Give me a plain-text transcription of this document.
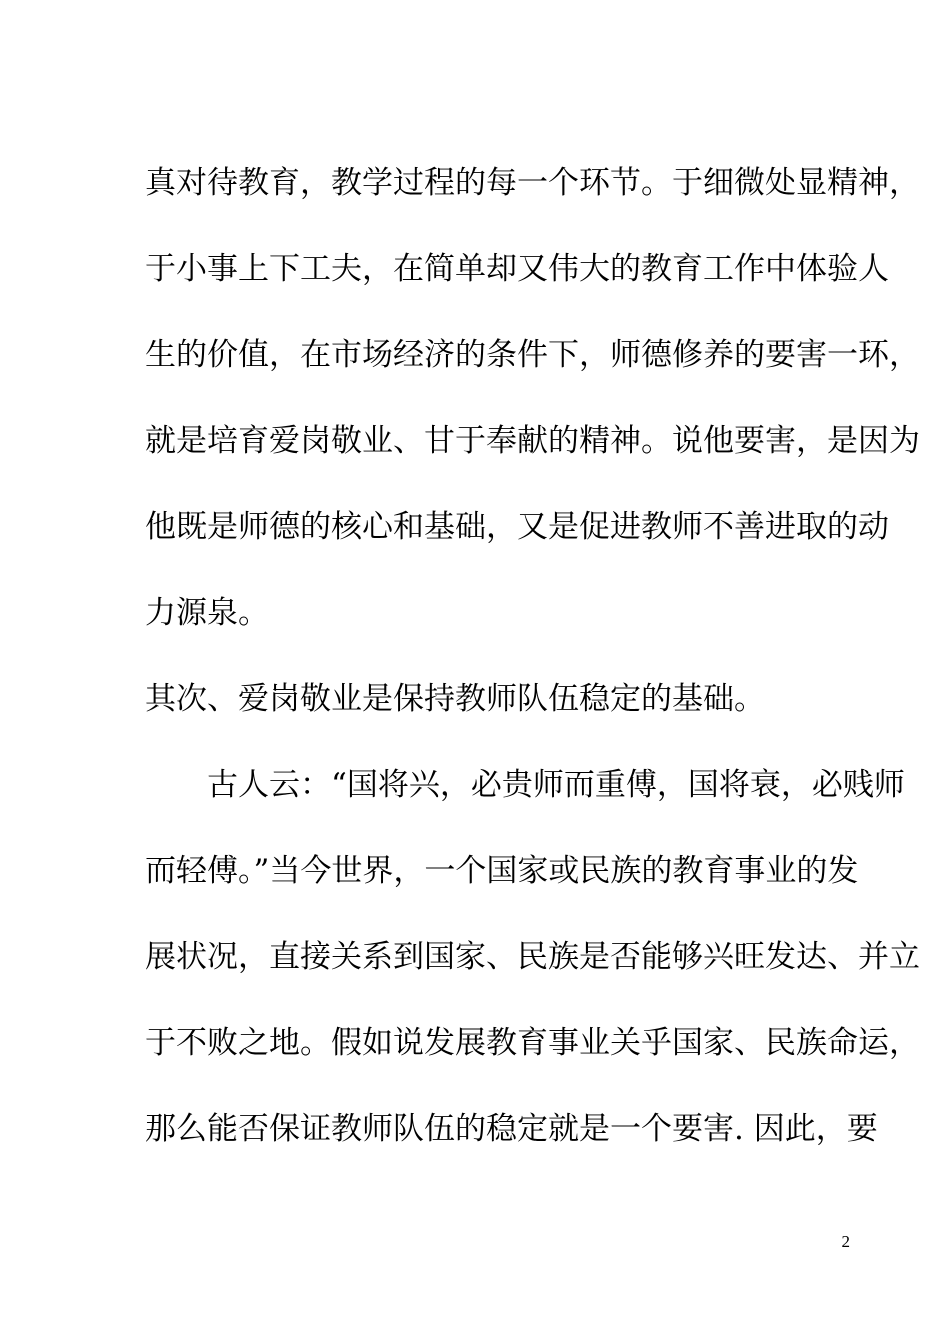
真对待教育，教学过程的每一个环节。于细微处显精神，
于小事上下工夫，在简单却又伟大的教育工作中体验人
生的价值，在市场经济的条件下，师德修养的要害一环，
就是培育爱岗敬业、甘于奉献的精神。说他要害，是因为
他既是师德的核心和基础，又是促进教师不善进取的动
力源泉。
其次、爱岗敬业是保持教师队伍稳定的基础。
古人云：“国将兴，必贵师而重傅，国将衰，必贱师
而轻傅。”当今世界，一个国家或民族的教育事业的发
展状况，直接关系到国家、民族是否能够兴旺发达、并立
于不败之地。假如说发展教育事业关乎国家、民族命运，
那么能否保证教师队伍的稳定就是一个要害. 因此，要
2
